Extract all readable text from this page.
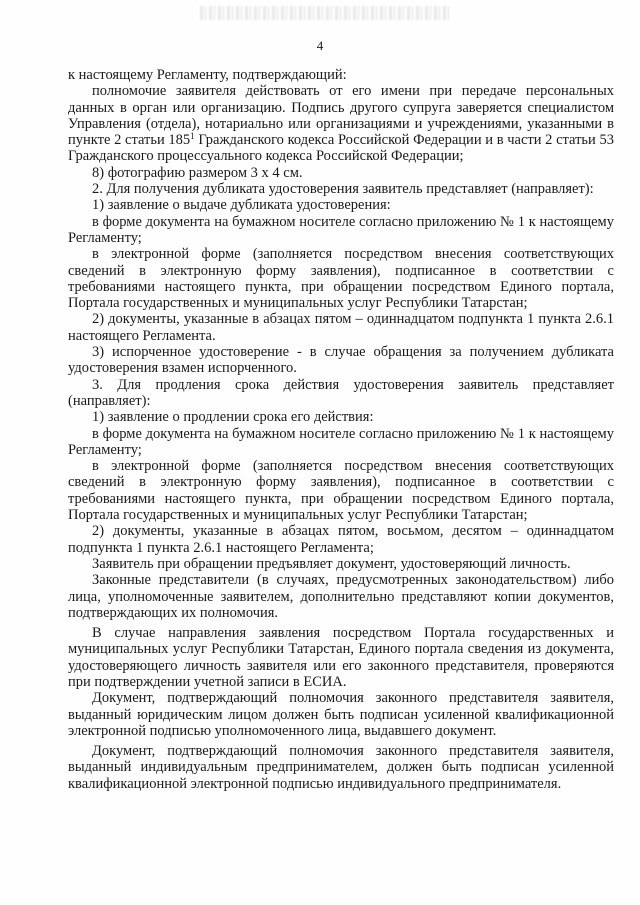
4

к настоящему Регламенту, подтверждающий:

полномочие заявителя действовать от его имени при передаче персональных данных в орган или организацию. Подпись другого супруга заверяется специалистом Управления (отдела), нотариально или организациями и учреждениями, указанными в пункте 2 статьи $185^1$ Гражданского кодекса Российской Федерации и в части 2 статьи 53 Гражданского процессуального кодекса Российской Федерации;

8) фотографию размером 3 х 4 см.

2. Для получения дубликата удостоверения заявитель представляет (направляет):

1) заявление о выдаче дубликата удостоверения:

в форме документа на бумажном носителе согласно приложению № 1 к настоящему Регламенту;

в электронной форме (заполняется посредством внесения соответствующих сведений в электронную форму заявления), подписанное в соответствии с требованиями настоящего пункта, при обращении посредством Единого портала, Портала государственных и муниципальных услуг Республики Татарстан;

2) документы, указанные в абзацах пятом – одиннадцатом подпункта 1 пункта 2.6.1 настоящего Регламента.

3) испорченное удостоверение - в случае обращения за получением дубликата удостоверения взамен испорченного.

3. Для продления срока действия удостоверения заявитель представляет (направляет):

1) заявление о продлении срока его действия:

в форме документа на бумажном носителе согласно приложению № 1 к настоящему Регламенту;

в электронной форме (заполняется посредством внесения соответствующих сведений в электронную форму заявления), подписанное в соответствии с требованиями настоящего пункта, при обращении посредством Единого портала, Портала государственных и муниципальных услуг Республики Татарстан;

2) документы, указанные в абзацах пятом, восьмом, десятом – одиннадцатом подпункта 1 пункта 2.6.1 настоящего Регламента;

Заявитель при обращении предъявляет документ, удостоверяющий личность.

Законные представители (в случаях, предусмотренных законодательством) либо лица, уполномоченные заявителем, дополнительно представляют копии документов, подтверждающих их полномочия.

В случае направления заявления посредством Портала государственных и муниципальных услуг Республики Татарстан, Единого портала сведения из документа, удостоверяющего личность заявителя или его законного представителя, проверяются при подтверждении учетной записи в ЕСИА.

Документ, подтверждающий полномочия законного представителя заявителя, выданный юридическим лицом должен быть подписан усиленной квалификационной электронной подписью уполномоченного лица, выдавшего документ.

Документ, подтверждающий полномочия законного представителя заявителя, выданный индивидуальным предпринимателем, должен быть подписан усиленной квалификационной электронной подписью индивидуального предпринимателя.
